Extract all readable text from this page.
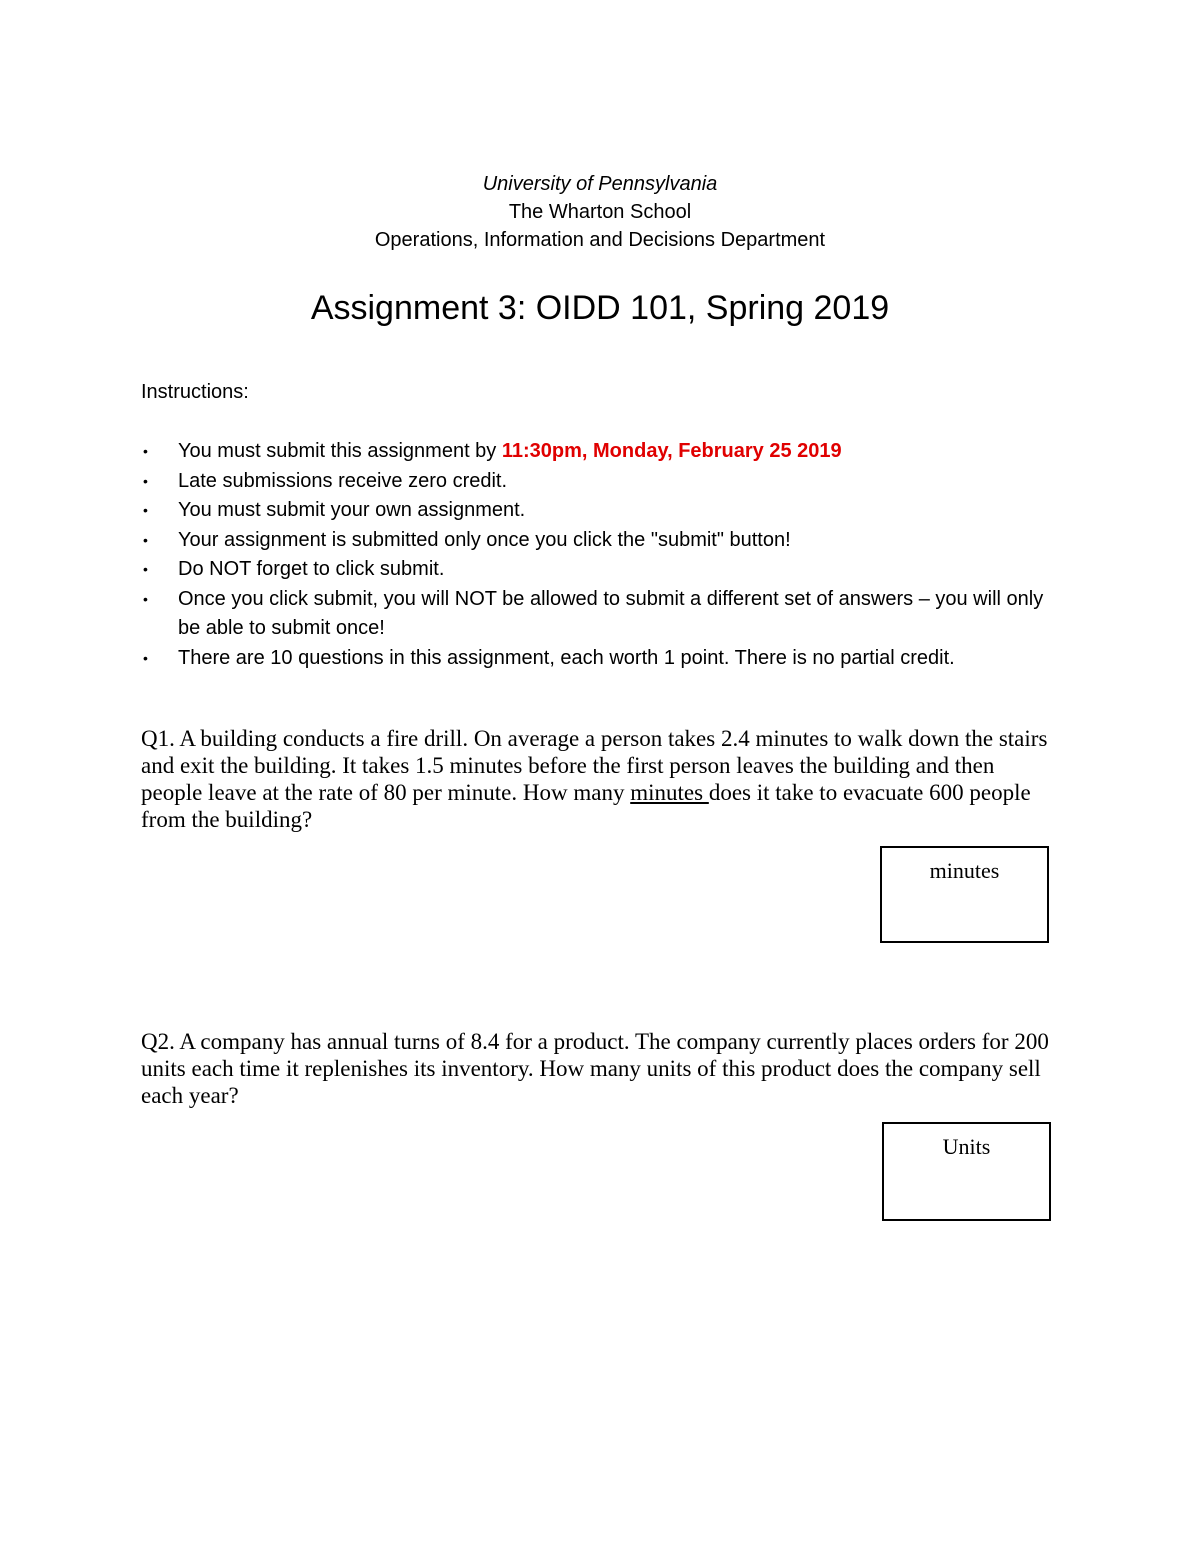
University of Pennsylvania
The Wharton School
Operations, Information and Decisions Department
Assignment 3: OIDD 101, Spring 2019
Instructions:
• You must submit this assignment by 11:30pm, Monday, February 25 2019
• Late submissions receive zero credit.
• You must submit your own assignment.
• Your assignment is submitted only once you click the "submit" button!
• Do NOT forget to click submit.
• Once you click submit, you will NOT be allowed to submit a different set of answers – you will only be able to submit once!
• There are 10 questions in this assignment, each worth 1 point. There is no partial credit.
Q1. A building conducts a fire drill. On average a person takes 2.4 minutes to walk down the stairs and exit the building. It takes 1.5 minutes before the first person leaves the building and then people leave at the rate of 80 per minute. How many minutes does it take to evacuate 600 people from the building?
minutes
Q2. A company has annual turns of 8.4 for a product. The company currently places orders for 200 units each time it replenishes its inventory. How many units of this product does the company sell each year?
Units
